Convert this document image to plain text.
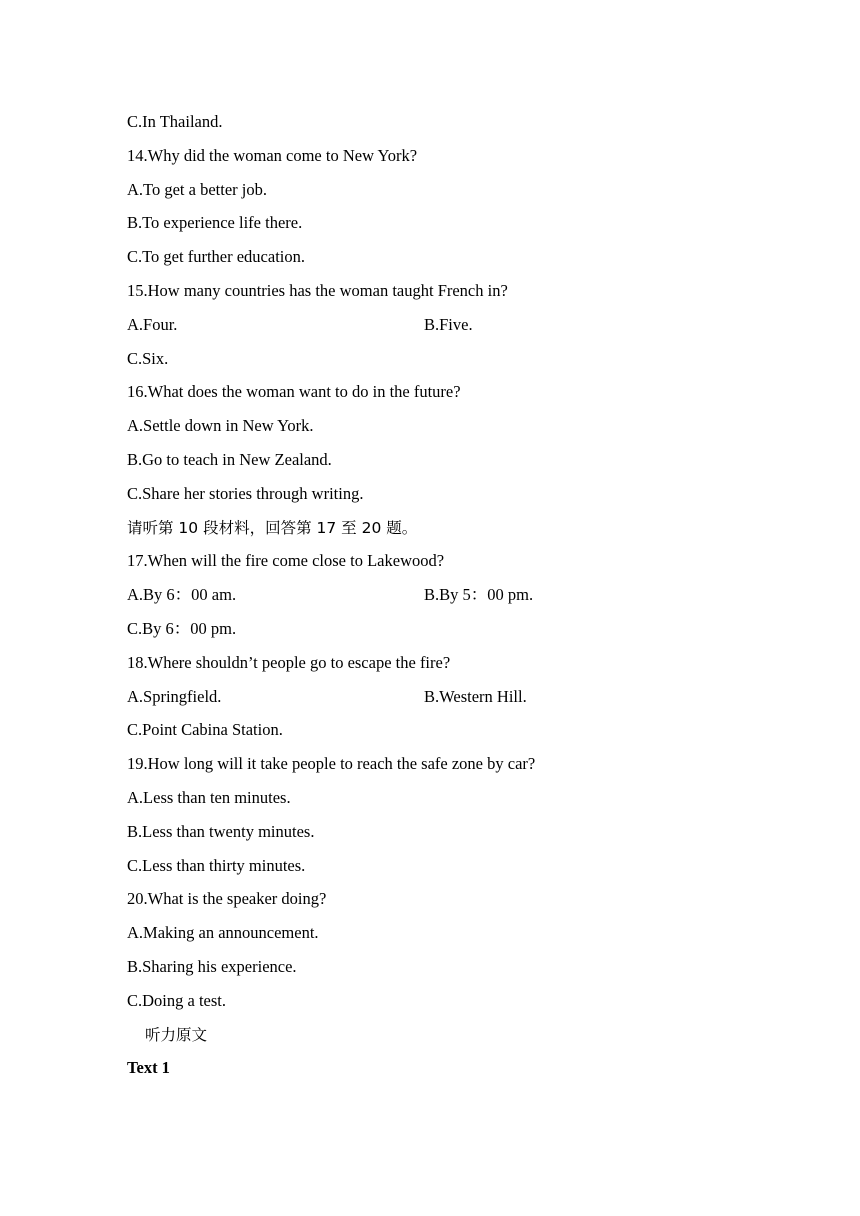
C.In Thailand.
14.Why did the woman come to New York?
A.To get a better job.
B.To experience life there.
C.To get further education.
15.How many countries has the woman taught French in?
A.Four.	B.Five.
C.Six.
16.What does the woman want to do in the future?
A.Settle down in New York.
B.Go to teach in New Zealand.
C.Share her stories through writing.
请听第 10 段材料，回答第 17 至 20 题。
17.When will the fire come close to Lakewood?
A.By 6：00 am.	B.By 5：00 pm.
C.By 6：00 pm.
18.Where shouldn’t people go to escape the fire?
A.Springfield.	B.Western Hill.
C.Point Cabina Station.
19.How long will it take people to reach the safe zone by car?
A.Less than ten minutes.
B.Less than twenty minutes.
C.Less than thirty minutes.
20.What is the speaker doing?
A.Making an announcement.
B.Sharing his experience.
C.Doing a test.
听力原文
Text 1
